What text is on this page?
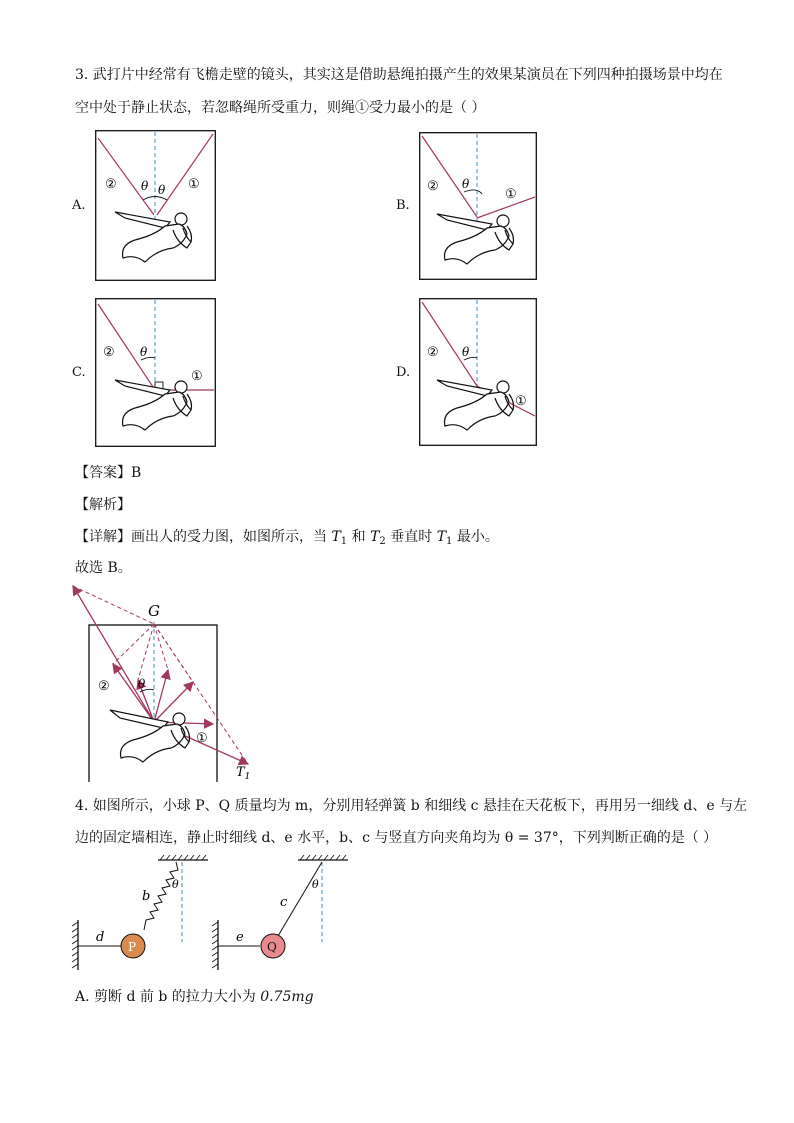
3. 武打片中经常有飞檐走壁的镜头，其实这是借助悬绳拍摄产生的效果某演员在下列四种拍摄场景中均在
空中处于静止状态，若忽略绳所受重力，则绳①受力最小的是（ ）
A.	B.
C.	D.
②	①
θ θ	②
①
θ
②
①
θ	②
①
θ
【答案】B
【解析】
【详解】画出人的受力图，如图所示，当 $T_1$ 和 $T_2$ 垂直时 $T_1$ 最小。
故选 B。
G
②
①
θ
$T_1$
4. 如图所示，小球 P、Q 质量均为 m，分别用轻弹簧 b 和细线 c 悬挂在天花板下，再用另一细线 d、e 与左
边的固定墙相连，静止时细线 d、e 水平，b、c 与竖直方向夹角均为 θ = 37°，下列判断正确的是（ ）
P
d
b
θ
Q
e
c
θ
A. 剪断 d 前 b 的拉力大小为 0.75mg
